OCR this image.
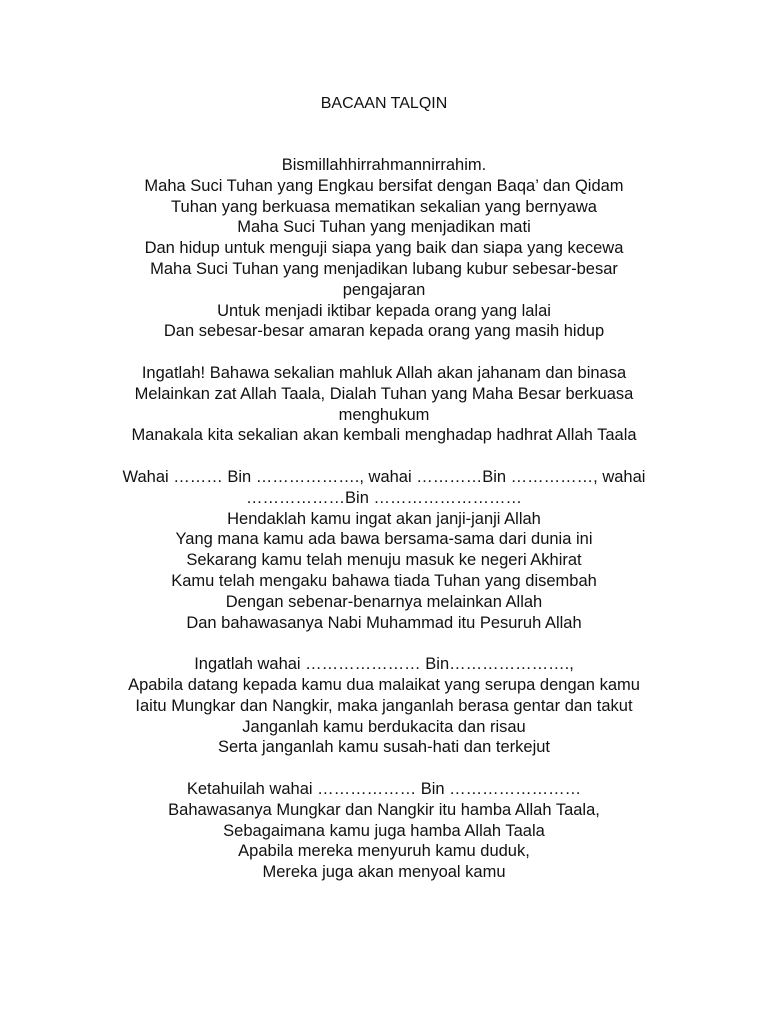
BACAAN TALQIN
Bismillahhirrahmannirrahim.
Maha Suci Tuhan yang Engkau bersifat dengan Baqa’ dan Qidam
Tuhan yang berkuasa mematikan sekalian yang bernyawa
Maha Suci Tuhan yang menjadikan mati
Dan hidup untuk menguji siapa yang baik dan siapa yang kecewa
Maha Suci Tuhan yang menjadikan lubang kubur sebesar-besar
pengajaran
Untuk menjadi iktibar kepada orang yang lalai
Dan sebesar-besar amaran kepada orang yang masih hidup
Ingatlah! Bahawa sekalian mahluk Allah akan jahanam dan binasa
Melainkan zat Allah Taala, Dialah Tuhan yang Maha Besar berkuasa
menghukum
Manakala kita sekalian akan kembali menghadap hadhrat Allah Taala
Wahai ……… Bin ………………., wahai …………Bin ……………, wahai
………………Bin ………………………
Hendaklah kamu ingat akan janji-janji Allah
Yang mana kamu ada bawa bersama-sama dari dunia ini
Sekarang kamu telah menuju masuk ke negeri Akhirat
Kamu telah mengaku bahawa tiada Tuhan yang disembah
Dengan sebenar-benarnya melainkan Allah
Dan bahawasanya Nabi Muhammad itu Pesuruh Allah
Ingatlah wahai ………………… Bin………………….,
Apabila datang kepada kamu dua malaikat yang serupa dengan kamu
Iaitu Mungkar dan Nangkir, maka janganlah berasa gentar dan takut
Janganlah kamu berdukacita dan risau
Serta janganlah kamu susah-hati dan terkejut
Ketahuilah wahai ……………… Bin ……………………
Bahawasanya Mungkar dan Nangkir itu hamba Allah Taala,
Sebagaimana kamu juga hamba Allah Taala
Apabila mereka menyuruh kamu duduk,
Mereka juga akan menyoal kamu
